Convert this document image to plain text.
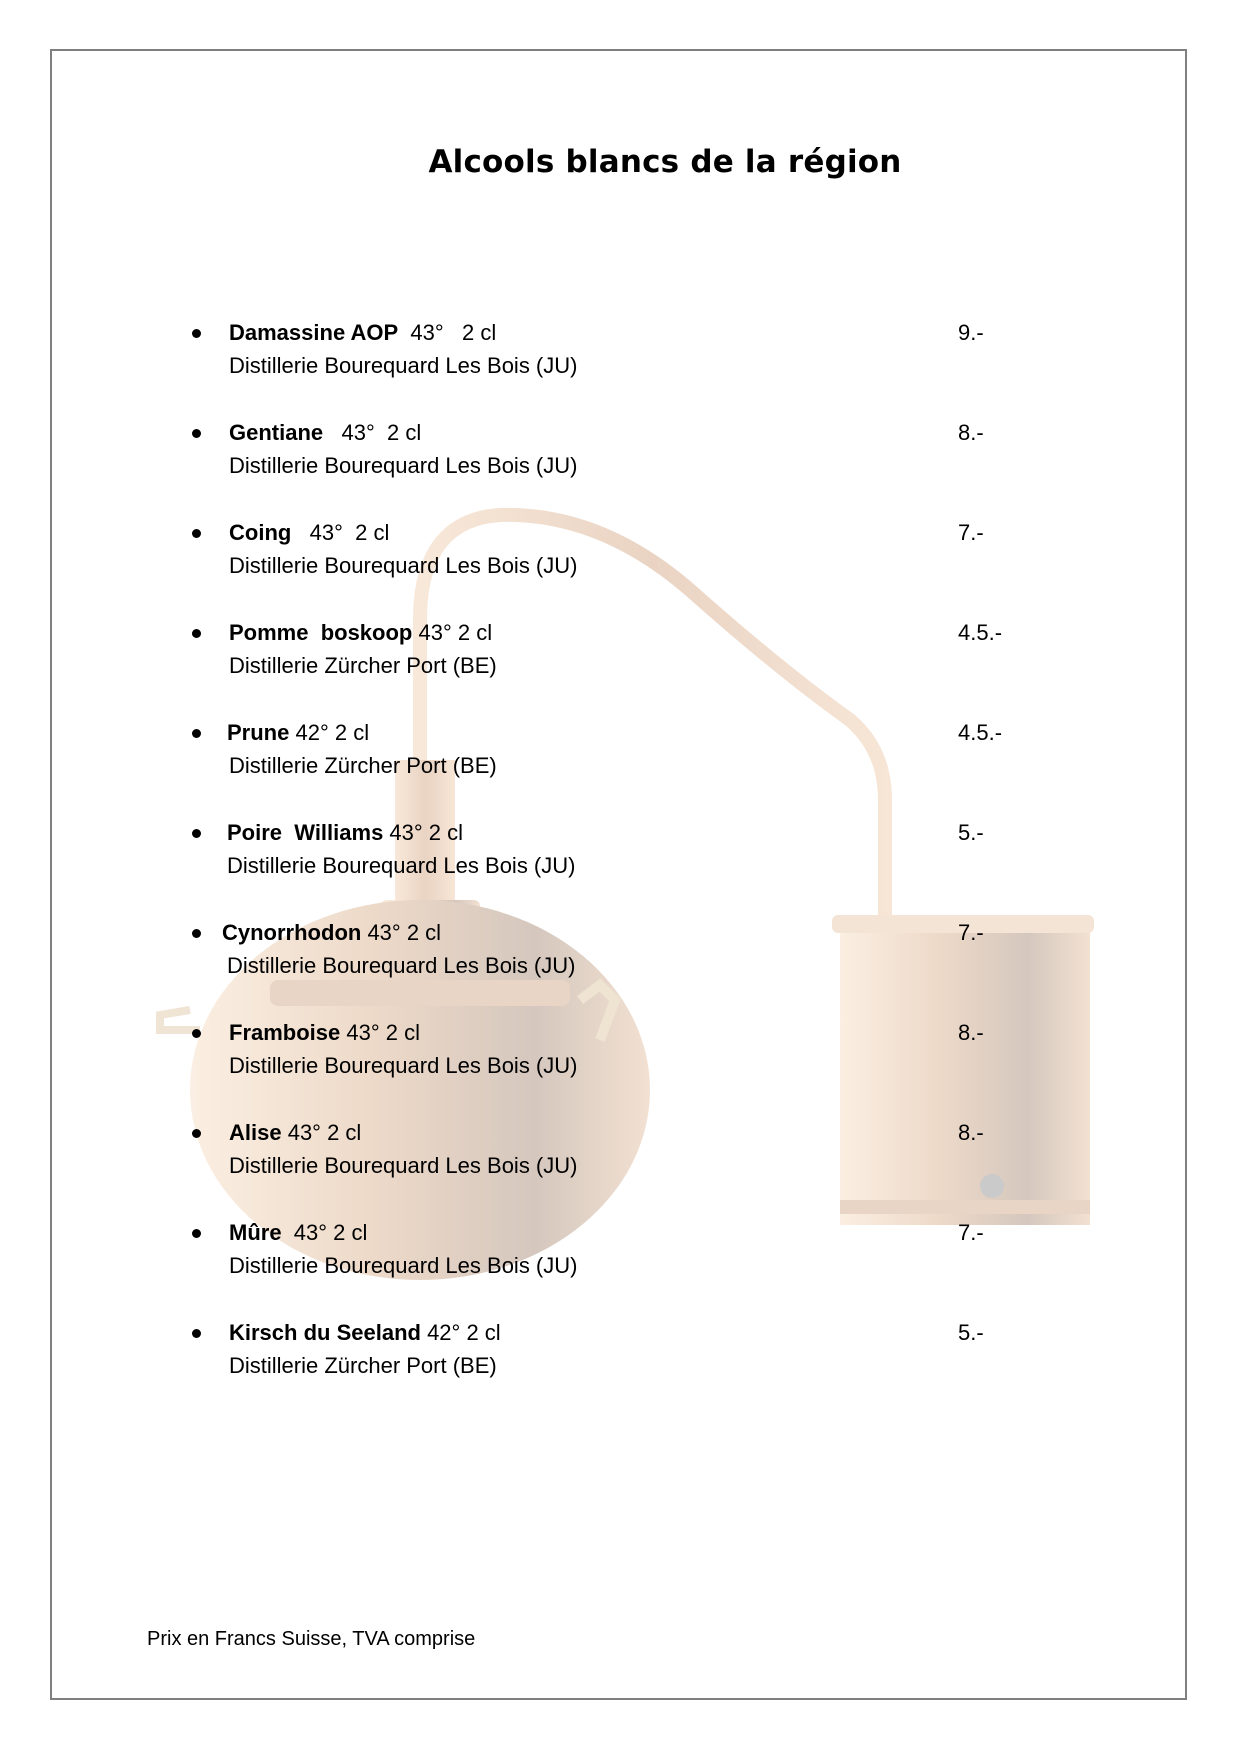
Alcools blancs de la région
Damassine AOP  43°   2 cl
Distillerie Bourequard Les Bois (JU)
9.-
Gentiane   43°  2 cl
Distillerie Bourequard Les Bois (JU)
8.-
Coing   43°  2 cl
Distillerie Bourequard Les Bois (JU)
7.-
Pomme  boskoop 43° 2 cl
Distillerie Zürcher Port (BE)
4.5.-
Prune 42° 2 cl
Distillerie Zürcher Port (BE)
4.5.-
Poire  Williams 43° 2 cl
Distillerie Bourequard Les Bois (JU)
5.-
Cynorrhodon 43° 2 cl
Distillerie Bourequard Les Bois (JU)
7.-
Framboise 43° 2 cl
Distillerie Bourequard Les Bois (JU)
8.-
Alise 43° 2 cl
Distillerie Bourequard Les Bois (JU)
8.-
Mûre  43° 2 cl
Distillerie Bourequard Les Bois (JU)
7.-
Kirsch du Seeland 42° 2 cl
Distillerie Zürcher Port (BE)
5.-
Prix en Francs Suisse, TVA comprise
